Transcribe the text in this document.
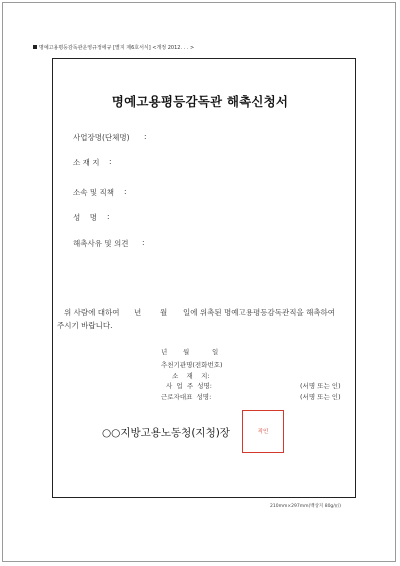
명예고용평등감독관운영규정에규 [별지 제6호서식] <개정 2012. . . >
명예고용평등감독관 해촉신청서
사업장명(단체명) :
소 재 지 :
소속 및 직책 :
성    명 :
해촉사유 및 의견 :
위 사람에 대하여 년	월 일에 위촉된 명예고용평등감독관직을 해촉하여
주시기 바랍니다.
년 월	일
추천기관명(전화번호)
소    재    지:
사  업  주  성명:	(서명 또는 인)
근로자대표  성명:	(서명 또는 인)
○○지방고용노동청(지청)장	직인
210mm×297mm(백상지 80g/㎡)
